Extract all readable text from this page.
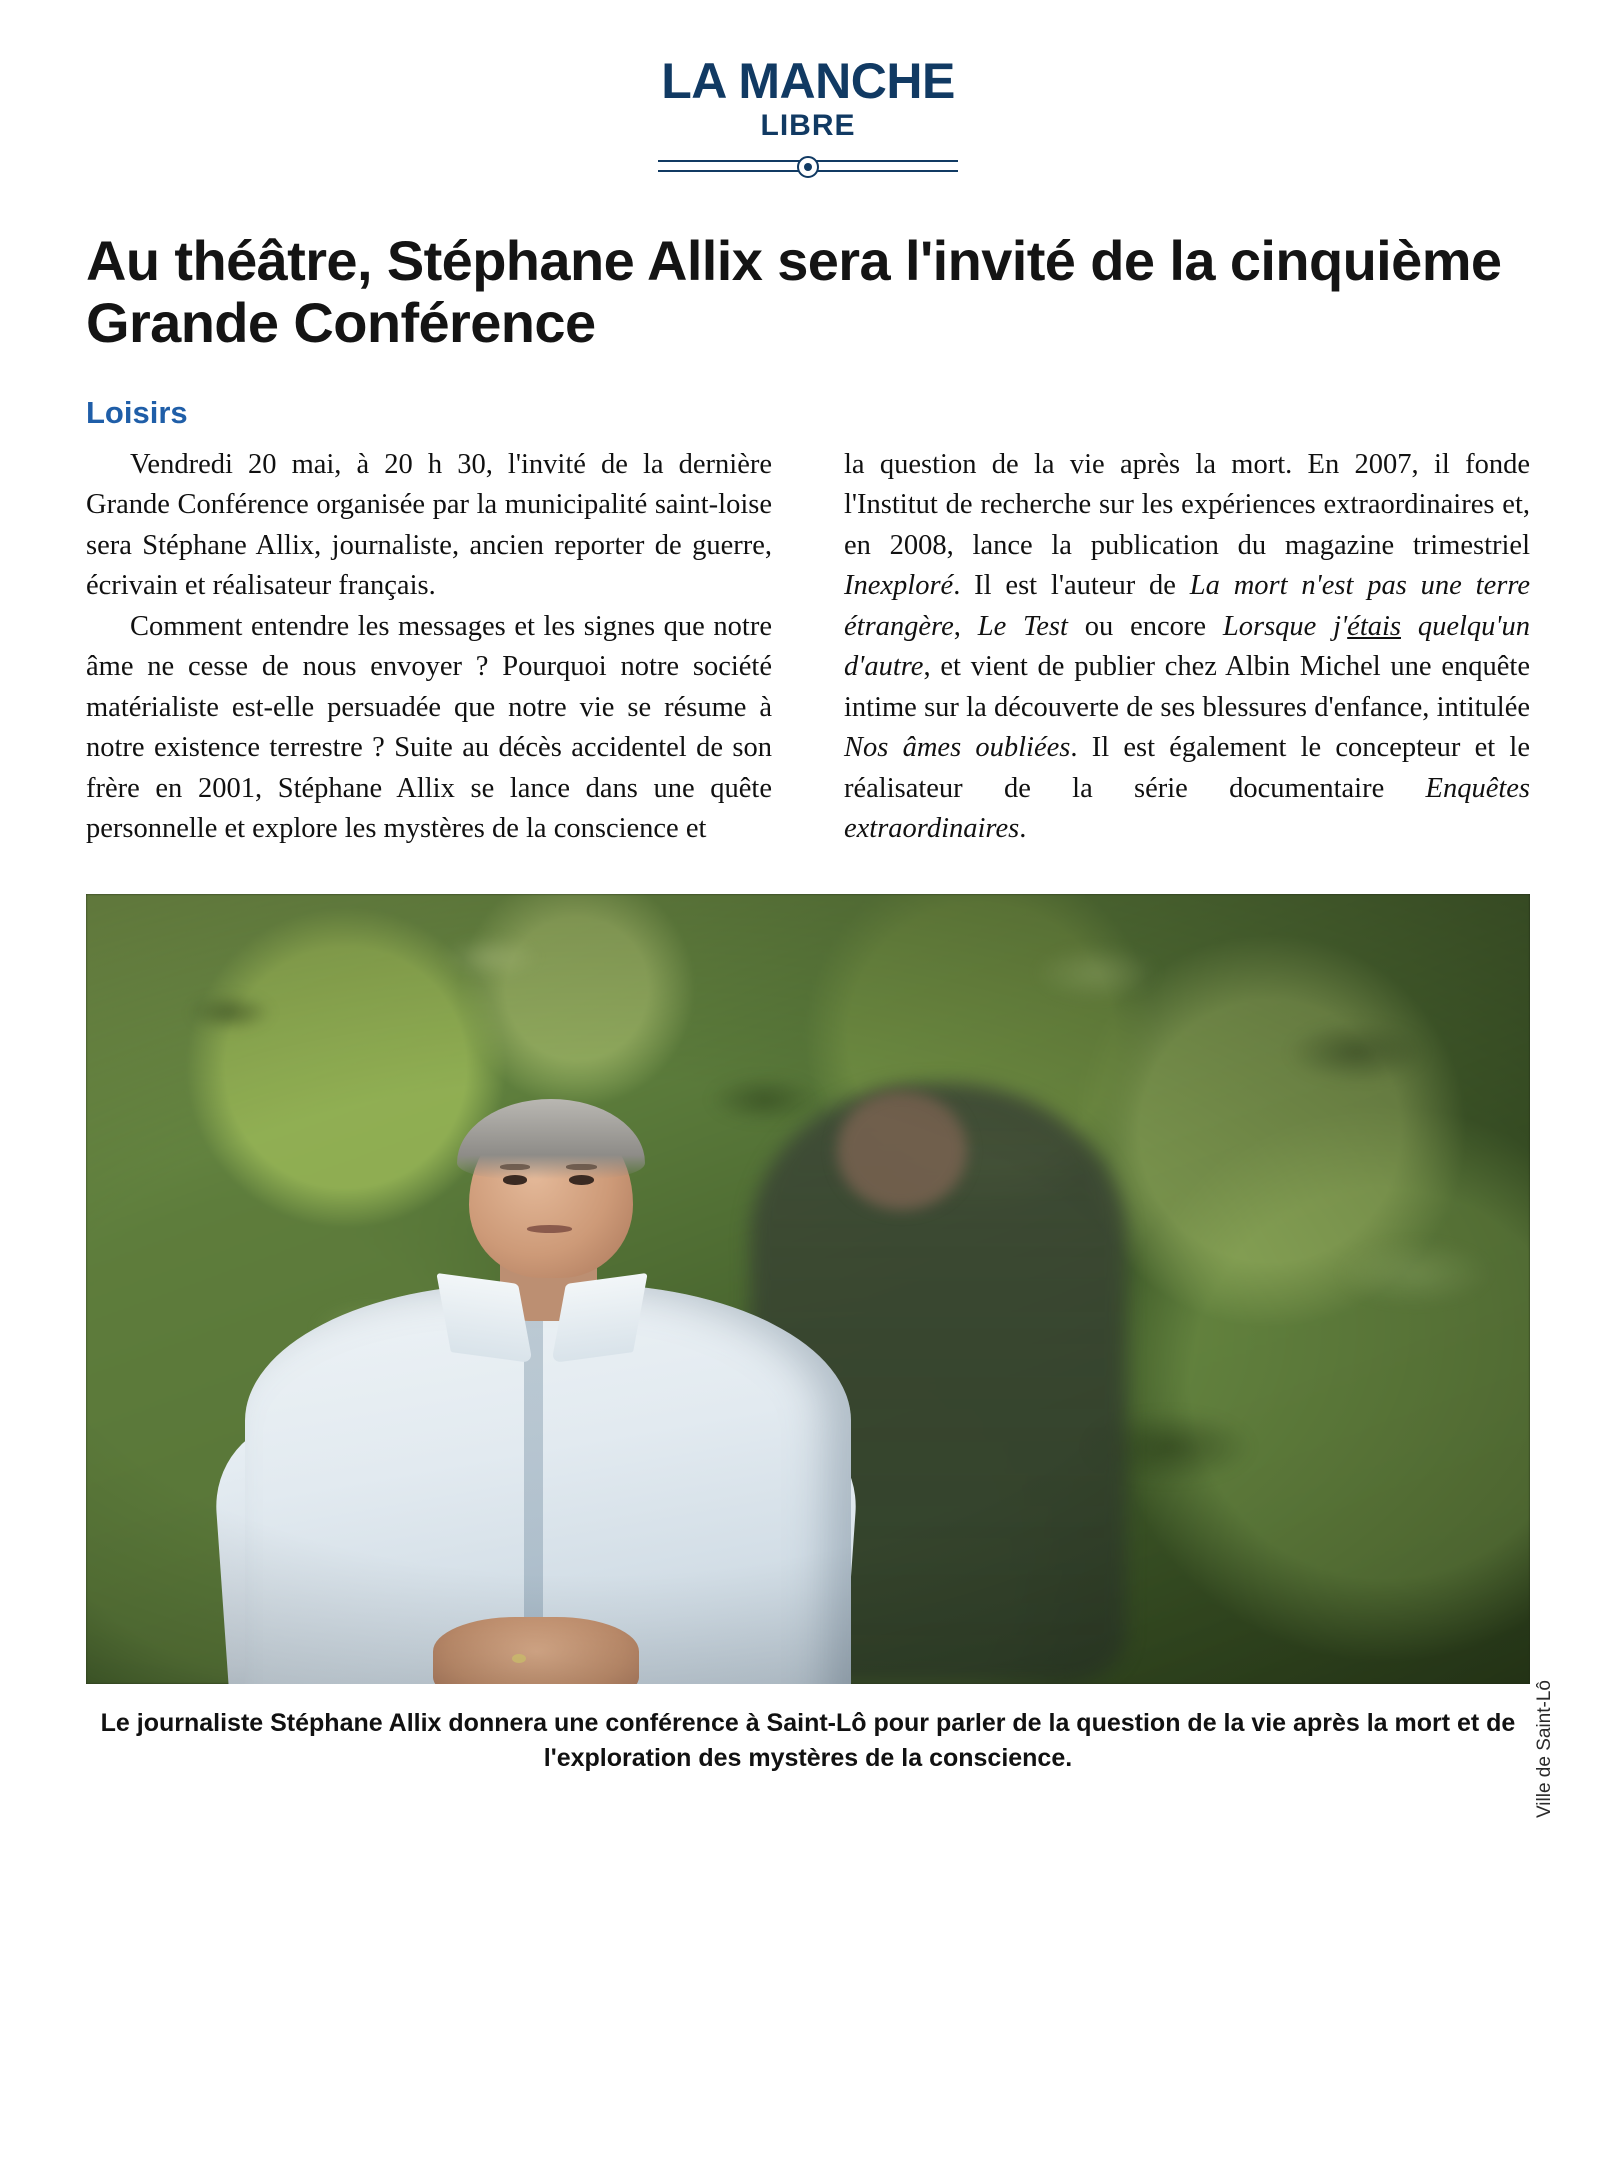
LA MANCHE
LIBRE
Au théâtre, Stéphane Allix sera l'invité de la cinquième Grande Conférence
Loisirs

Vendredi 20 mai, à 20 h 30, l'invité de la dernière Grande Conférence organisée par la municipalité saint-loise sera Stéphane Allix, journaliste, ancien reporter de guerre, écrivain et réalisateur français.

Comment entendre les messages et les signes que notre âme ne cesse de nous envoyer ? Pourquoi notre société matérialiste est-elle persuadée que notre vie se résume à notre existence terrestre ? Suite au décès accidentel de son frère en 2001, Stéphane Allix se lance dans une quête personnelle et explore les mystères de la conscience et

la question de la vie après la mort. En 2007, il fonde l'Institut de recherche sur les expériences extraordinaires et, en 2008, lance la publication du magazine trimestriel Inexploré. Il est l'auteur de La mort n'est pas une terre étrangère, Le Test ou encore Lorsque j'étais quelqu'un d'autre, et vient de publier chez Albin Michel une enquête intime sur la découverte de ses blessures d'enfance, intitulée Nos âmes oubliées. Il est également le concepteur et le réalisateur de la série documentaire Enquêtes extraordinaires.

Ville de Saint-Lô
Le journaliste Stéphane Allix donnera une conférence à Saint-Lô pour parler de la question de la vie après la mort et de l'exploration des mystères de la conscience.
